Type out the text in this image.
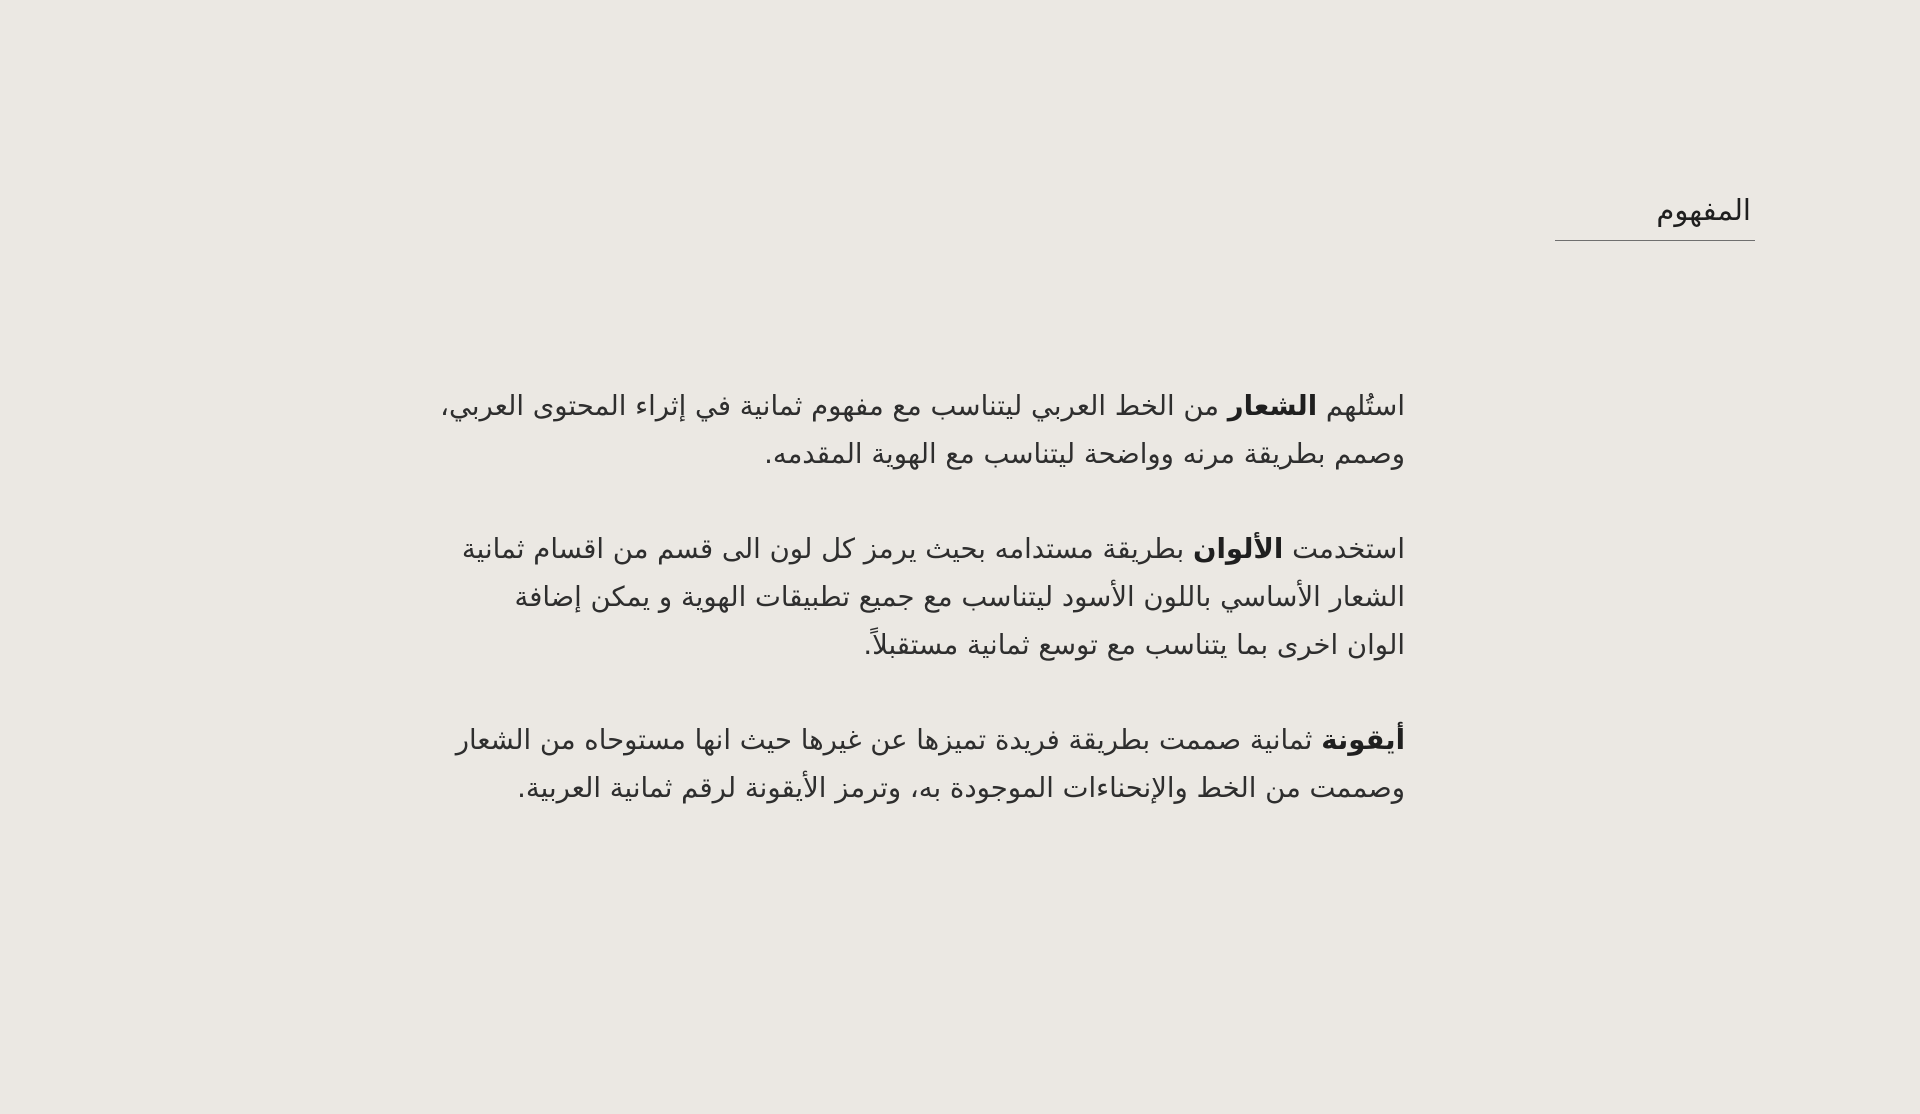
المفهوم

استُلهم الشعار من الخط العربي ليتناسب مع مفهوم ثمانية في إثراء المحتوى العربي،
وصمم بطريقة مرنه وواضحة ليتناسب مع الهوية المقدمه.

استخدمت الألوان بطريقة مستدامه بحيث يرمز كل لون الى قسم من اقسام ثمانية
الشعار الأساسي باللون الأسود ليتناسب مع جميع تطبيقات الهوية و يمكن إضافة
الوان اخرى بما يتناسب مع توسع ثمانية مستقبلاً.

أيقونة ثمانية صممت بطريقة فريدة تميزها عن غيرها حيث انها مستوحاه من الشعار
وصممت من الخط والإنحناءات الموجودة به، وترمز الأيقونة لرقم ثمانية العربية.
